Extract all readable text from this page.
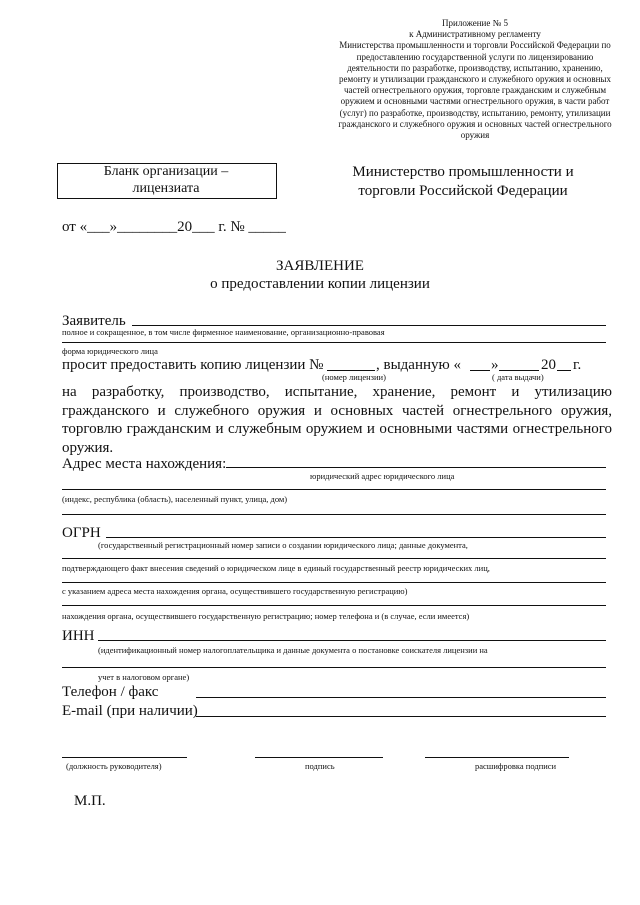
Приложение № 5
к Административному регламенту
Министерства промышленности и торговли Российской Федерации по
предоставлению государственной услуги по лицензированию
деятельности по разработке, производству, испытанию, хранению,
ремонту и утилизации гражданского и служебного оружия и основных
частей огнестрельного оружия, торговле гражданским и служебным
оружием и основными частями огнестрельного оружия, в части работ
(услуг) по разработке, производству, испытанию, ремонту, утилизации
гражданского и служебного оружия и основных частей огнестрельного
оружия
Бланк организации –
лицензиата
Министерство промышленности и
торговли Российской Федерации
от «___»________20___ г. № _____
ЗАЯВЛЕНИЕ
о предоставлении копии лицензии
Заявитель
полное и сокращенное, в том числе фирменное наименование, организационно-правовая
форма юридического лица
просит предоставить копию лицензии №	, выданную « »	20 г.
(номер лицензии)	( дата выдачи)
на разработку, производство, испытание, хранение, ремонт и утилизацию гражданского и служебного оружия и основных частей огнестрельного оружия, торговлю гражданским и служебным оружием и основными частями огнестрельного оружия.
Адрес места нахождения:
юридический адрес юридического лица
(индекс, республика (область), населенный пункт, улица, дом)
ОГРН
(государственный регистрационный номер записи о создании юридического лица; данные документа,
подтверждающего факт внесения сведений о юридическом лице в единый государственный реестр юридических лиц,
с указанием адреса места нахождения органа, осуществившего государственную регистрацию)
нахождения органа, осуществившего государственную регистрацию; номер телефона и (в случае, если имеется)
ИНН
(идентификационный номер налогоплательщика и данные документа о постановке соискателя лицензии на
учет в налоговом органе)
Телефон / факс
E-mail (при наличии)
(должность руководителя)	подпись	расшифровка подписи
М.П.
